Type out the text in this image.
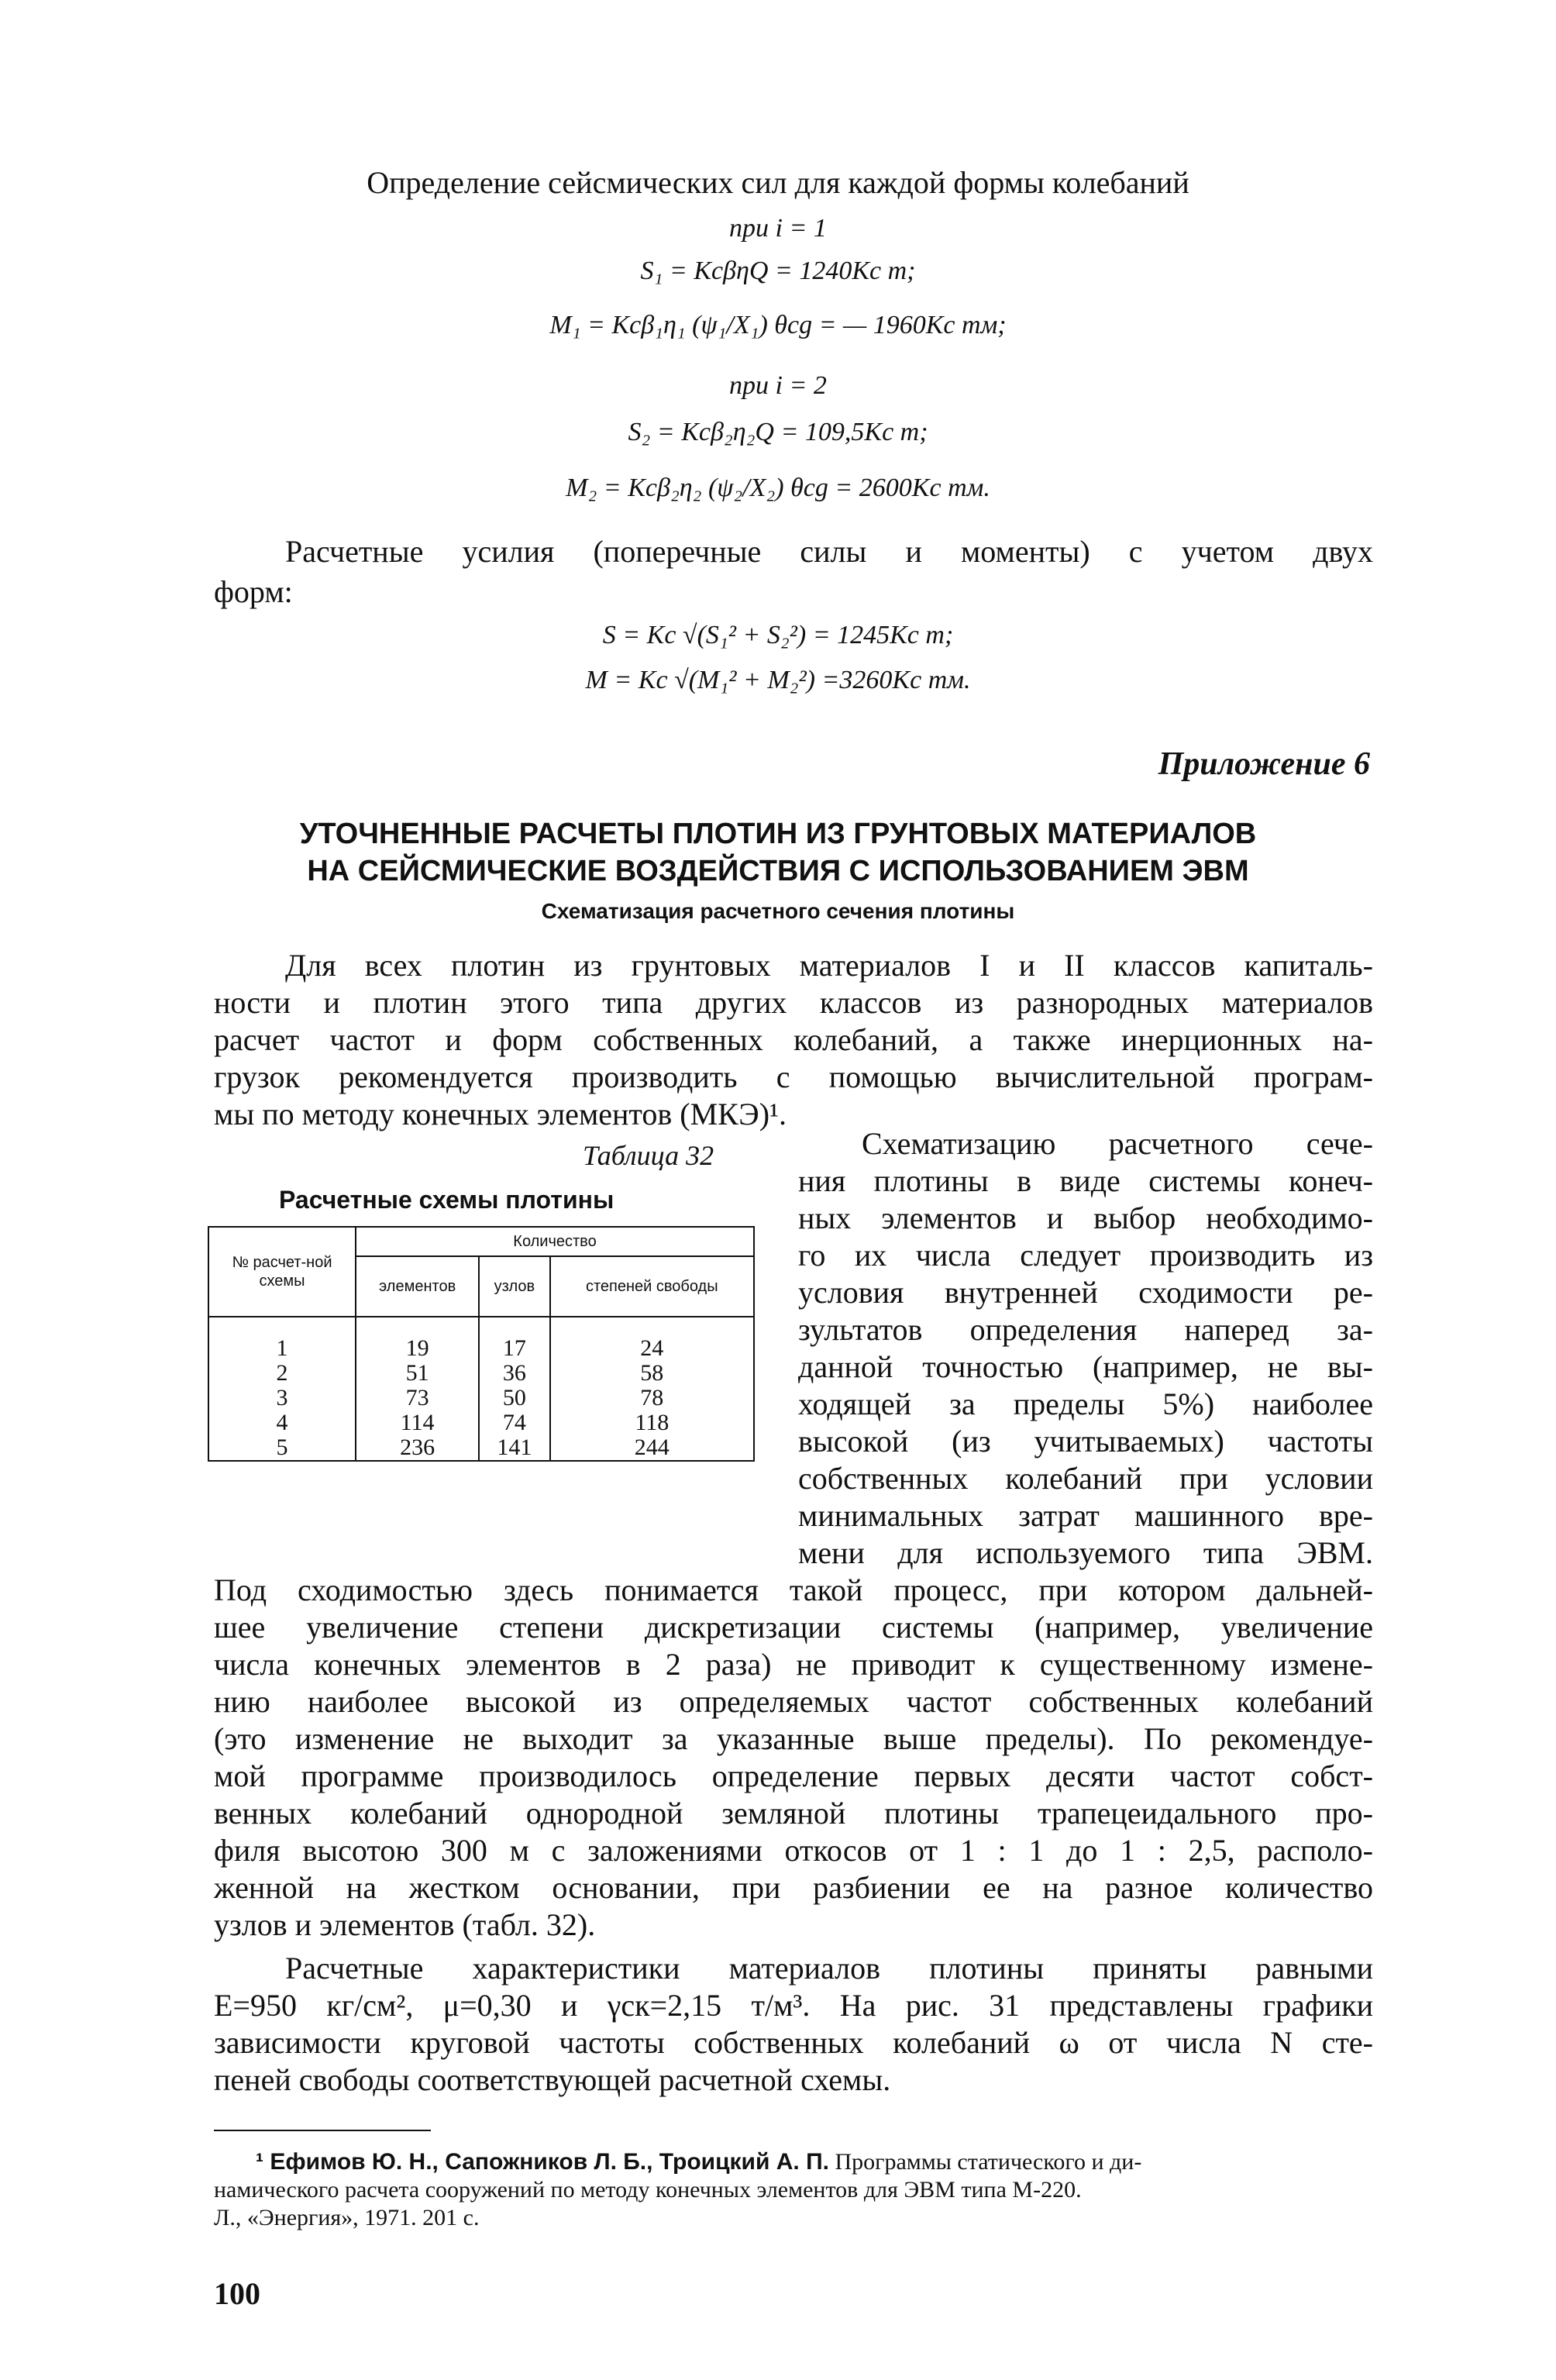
Определение сейсмических сил для каждой формы колебаний
при i = 1
S₁ = KcβηQ = 1240Kc т;
M₁ = Kcβ₁η₁ (ψ₁/X₁) θcg = — 1960Kc тм;
при i = 2
S₂ = Kcβ₂η₂Q = 109,5Kc т;
M₂ = Kcβ₂η₂ (ψ₂/X₂) θcg = 2600Kc тм.
Расчетные усилия (поперечные силы и моменты) с учетом двух
форм:
S = Kc √(S₁² + S₂²) = 1245Kc т;
M = Kc √(M₁² + M₂²) =3260Kc тм.
Приложение 6
УТОЧНЕННЫЕ РАСЧЕТЫ ПЛОТИН ИЗ ГРУНТОВЫХ МАТЕРИАЛОВ
НА СЕЙСМИЧЕСКИЕ ВОЗДЕЙСТВИЯ С ИСПОЛЬЗОВАНИЕМ ЭВМ
Схематизация расчетного сечения плотины
Для всех плотин из грунтовых материалов I и II классов капиталь-
ности и плотин этого типа других классов из разнородных материалов
расчет частот и форм собственных колебаний, а также инерционных на-
грузок рекомендуется производить с помощью вычислительной програм-
мы по методу конечных элементов (МКЭ)¹.
Таблица 32
Расчетные схемы плотины
№ расчет-ной схемы	Количество		
	элементов	узлов	степеней свободы
1	19	17	24
2	51	36	58
3	73	50	78
4	114	74	118
5	236	141	244
Схематизацию расчетного сече-
ния плотины в виде системы конеч-
ных элементов и выбор необходимо-
го их числа следует производить из
условия внутренней сходимости ре-
зультатов определения наперед за-
данной точностью (например, не вы-
ходящей за пределы 5%) наиболее
высокой (из учитываемых) частоты
собственных колебаний при условии
минимальных затрат машинного вре-
мени для используемого типа ЭВМ.
Под сходимостью здесь понимается такой процесс, при котором дальней-
шее увеличение степени дискретизации системы (например, увеличение
числа конечных элементов в 2 раза) не приводит к существенному измене-
нию наиболее высокой из определяемых частот собственных колебаний
(это изменение не выходит за указанные выше пределы). По рекомендуе-
мой программе производилось определение первых десяти частот собст-
венных колебаний однородной земляной плотины трапецеидального про-
филя высотою 300 м с заложениями откосов от 1 : 1 до 1 : 2,5, располо-
женной на жестком основании, при разбиении ее на разное количество
узлов и элементов (табл. 32).
Расчетные характеристики материалов плотины приняты равными
E=950 кг/см², μ=0,30 и γск=2,15 т/м³. На рис. 31 представлены графики
зависимости круговой частоты собственных колебаний ω от числа N сте-
пеней свободы соответствующей расчетной схемы.
¹ Ефимов Ю. Н., Сапожников Л. Б., Троицкий А. П. Программы статического и ди-
намического расчета сооружений по методу конечных элементов для ЭВМ типа М-220.
Л., «Энергия», 1971. 201 с.
100
